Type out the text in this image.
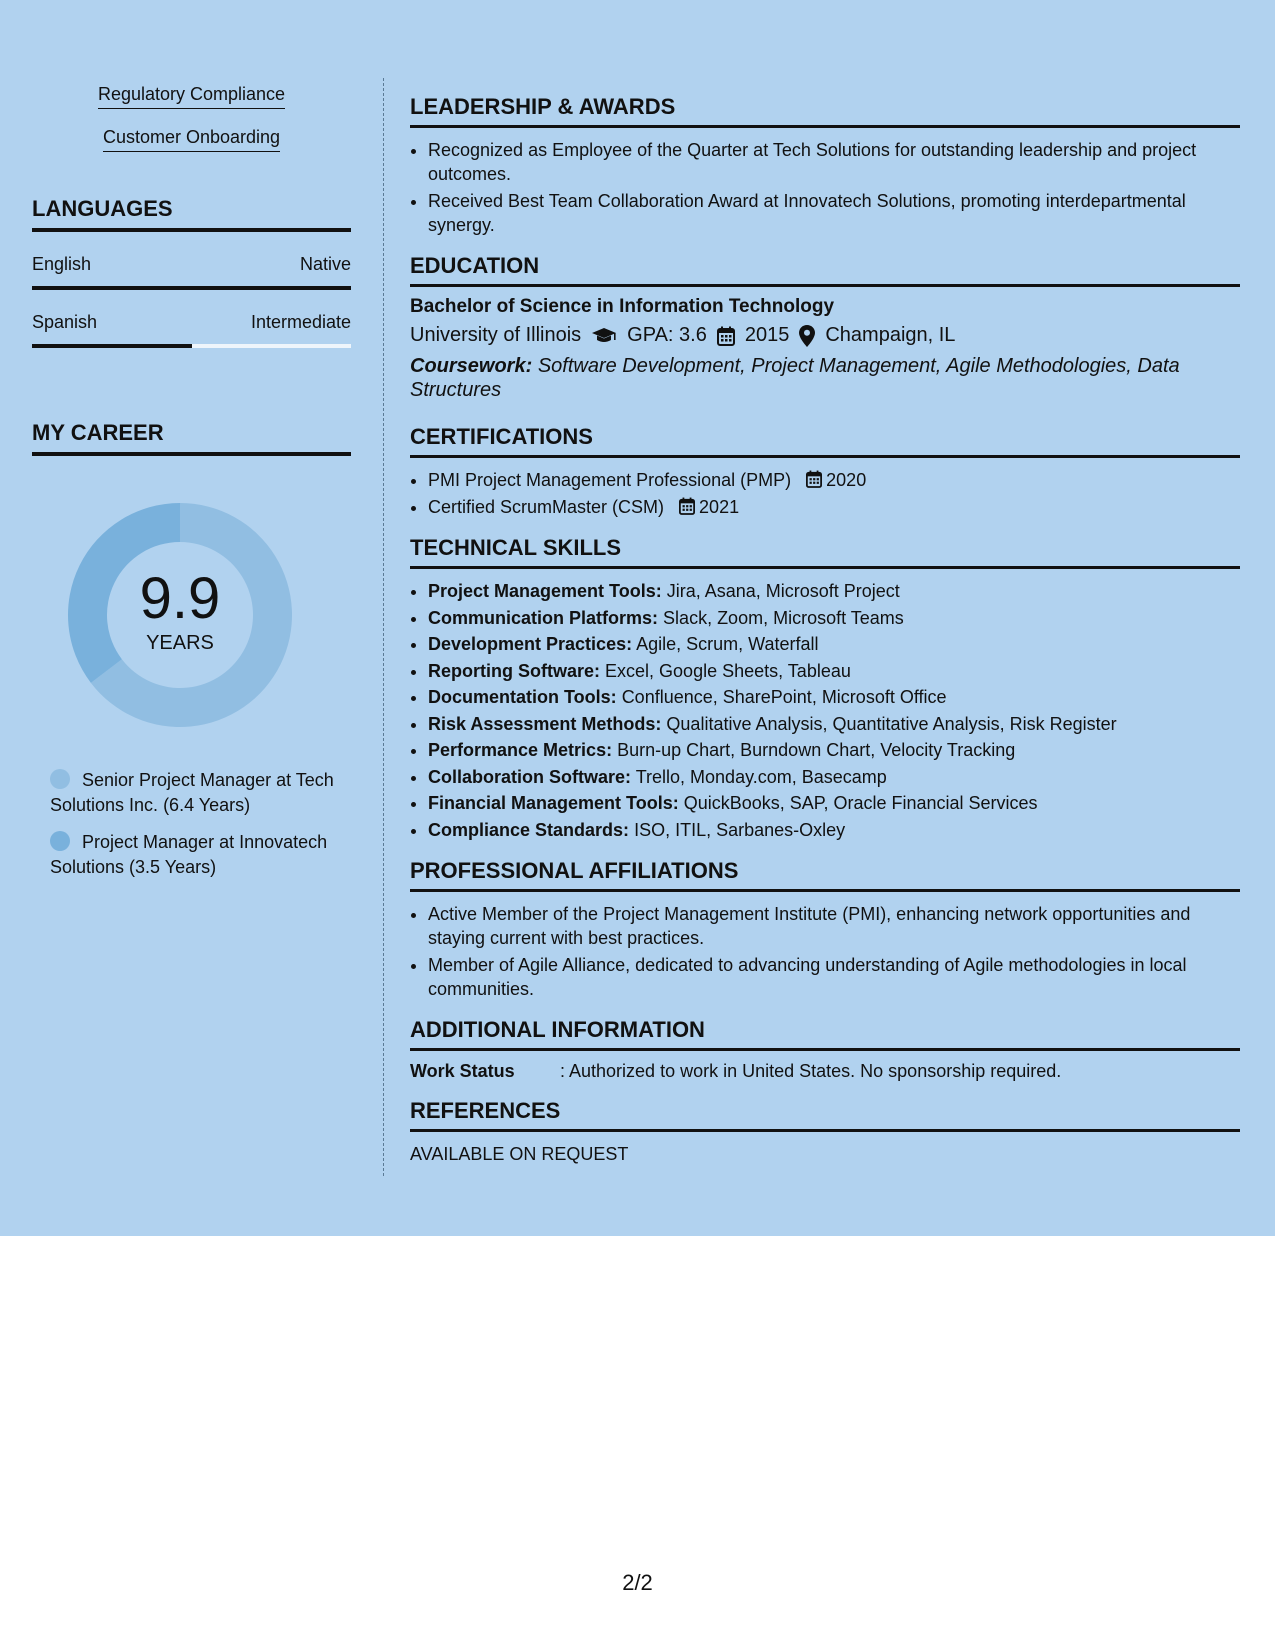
Regulatory Compliance
Customer Onboarding
LANGUAGES
English	Native
Spanish	Intermediate
MY CAREER
9.9
YEARS
Senior Project Manager at Tech Solutions Inc. (6.4 Years)
Project Manager at Innovatech Solutions (3.5 Years)
LEADERSHIP & AWARDS
• Recognized as Employee of the Quarter at Tech Solutions for outstanding leadership and project outcomes.
• Received Best Team Collaboration Award at Innovatech Solutions, promoting interdepartmental synergy.
EDUCATION
Bachelor of Science in Information Technology
University of Illinois GPA: 3.6 2015 Champaign, IL
Coursework: Software Development, Project Management, Agile Methodologies, Data Structures
CERTIFICATIONS
• PMI Project Management Professional (PMP) 2020
• Certified ScrumMaster (CSM) 2021
TECHNICAL SKILLS
• Project Management Tools: Jira, Asana, Microsoft Project
• Communication Platforms: Slack, Zoom, Microsoft Teams
• Development Practices: Agile, Scrum, Waterfall
• Reporting Software: Excel, Google Sheets, Tableau
• Documentation Tools: Confluence, SharePoint, Microsoft Office
• Risk Assessment Methods: Qualitative Analysis, Quantitative Analysis, Risk Register
• Performance Metrics: Burn-up Chart, Burndown Chart, Velocity Tracking
• Collaboration Software: Trello, Monday.com, Basecamp
• Financial Management Tools: QuickBooks, SAP, Oracle Financial Services
• Compliance Standards: ISO, ITIL, Sarbanes-Oxley
PROFESSIONAL AFFILIATIONS
• Active Member of the Project Management Institute (PMI), enhancing network opportunities and staying current with best practices.
• Member of Agile Alliance, dedicated to advancing understanding of Agile methodologies in local communities.
ADDITIONAL INFORMATION
Work Status	: Authorized to work in United States. No sponsorship required.
REFERENCES
AVAILABLE ON REQUEST
2/2
